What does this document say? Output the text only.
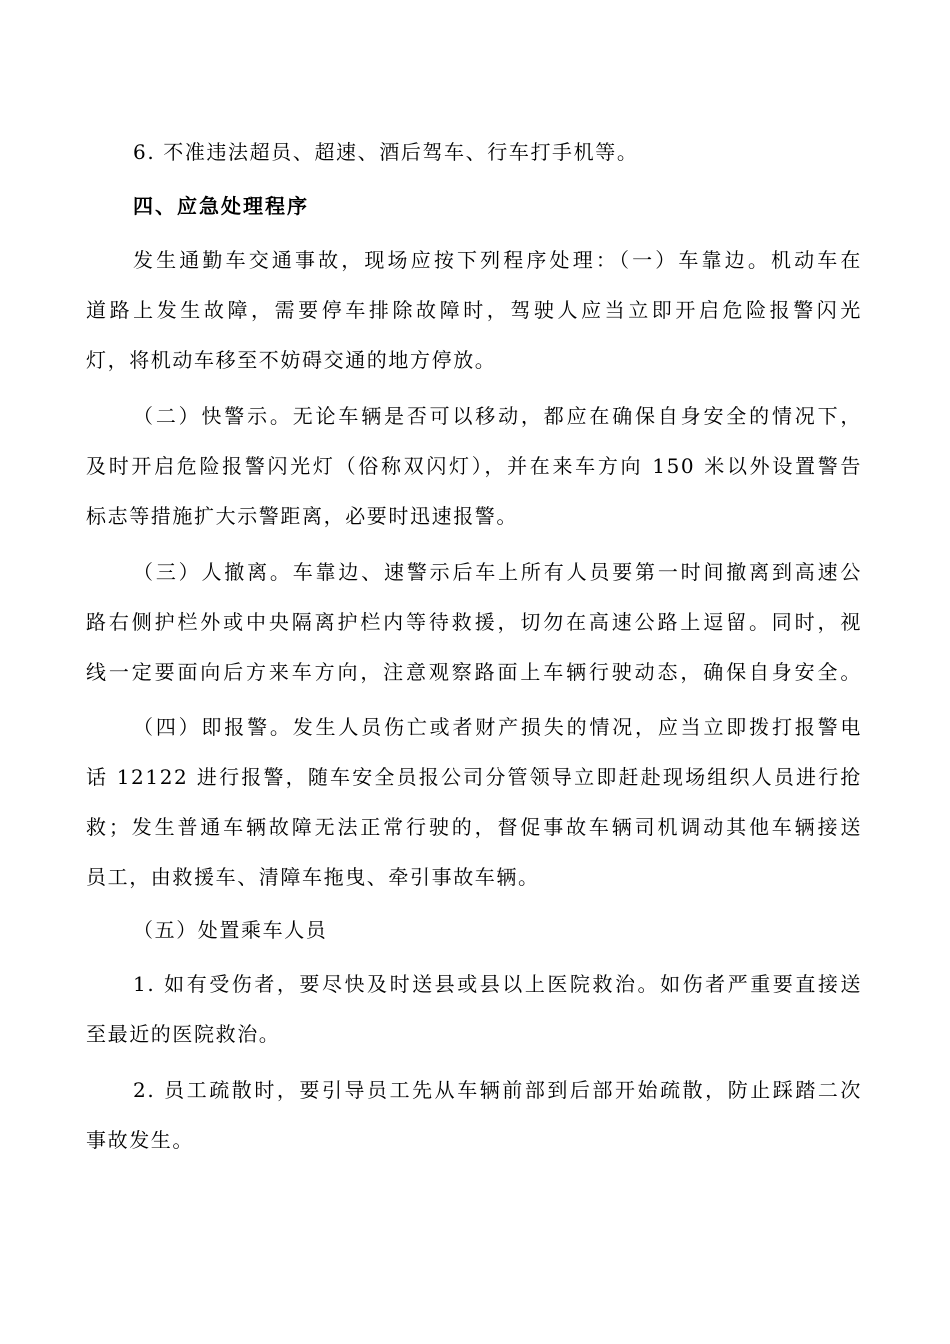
6. 不准违法超员、超速、酒后驾车、行车打手机等。
四、应急处理程序
发生通勤车交通事故，现场应按下列程序处理：（一）车靠边。机动车在
道路上发生故障，需要停车排除故障时，驾驶人应当立即开启危险报警闪光
灯，将机动车移至不妨碍交通的地方停放。
（二）快警示。无论车辆是否可以移动，都应在确保自身安全的情况下，
及时开启危险报警闪光灯（俗称双闪灯），并在来车方向 150 米以外设置警告
标志等措施扩大示警距离，必要时迅速报警。
（三）人撤离。车靠边、速警示后车上所有人员要第一时间撤离到高速公
路右侧护栏外或中央隔离护栏内等待救援，切勿在高速公路上逗留。同时，视
线一定要面向后方来车方向，注意观察路面上车辆行驶动态，确保自身安全。
（四）即报警。发生人员伤亡或者财产损失的情况，应当立即拨打报警电
话 12122 进行报警，随车安全员报公司分管领导立即赶赴现场组织人员进行抢
救；发生普通车辆故障无法正常行驶的，督促事故车辆司机调动其他车辆接送
员工，由救援车、清障车拖曳、牵引事故车辆。
（五）处置乘车人员
1. 如有受伤者，要尽快及时送县或县以上医院救治。如伤者严重要直接送
至最近的医院救治。
2. 员工疏散时，要引导员工先从车辆前部到后部开始疏散，防止踩踏二次
事故发生。
